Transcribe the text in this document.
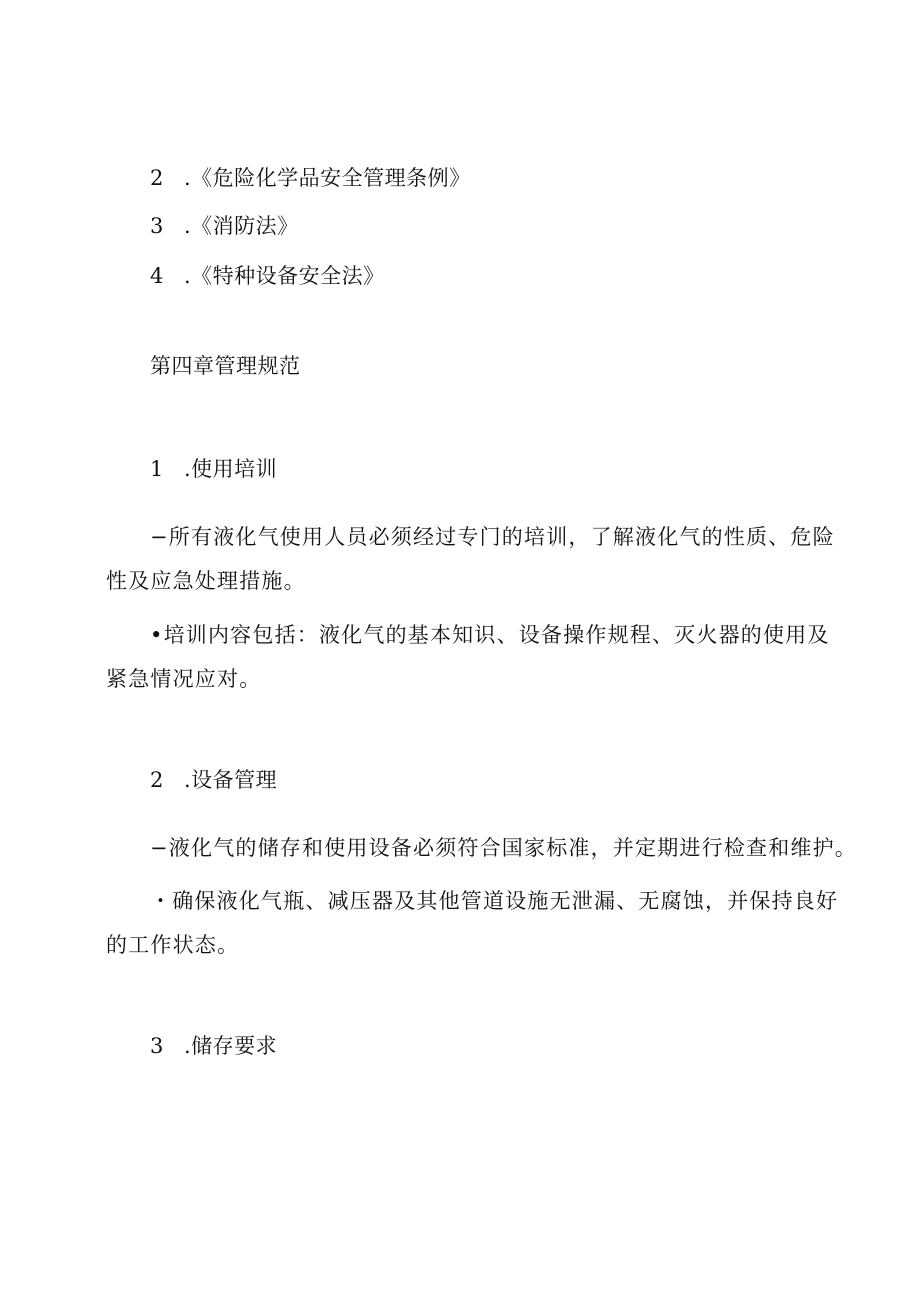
2 .《危险化学品安全管理条例》
3 .《消防法》
4 .《特种设备安全法》
第四章管理规范
1 .使用培训
−所有液化气使用人员必须经过专门的培训，了解液化气的性质、危险
性及应急处理措施。
•培训内容包括：液化气的基本知识、设备操作规程、灭火器的使用及
紧急情况应对。
2 .设备管理
−液化气的储存和使用设备必须符合国家标准，并定期进行检查和维护。
・确保液化气瓶、减压器及其他管道设施无泄漏、无腐蚀，并保持良好
的工作状态。
3 .储存要求
